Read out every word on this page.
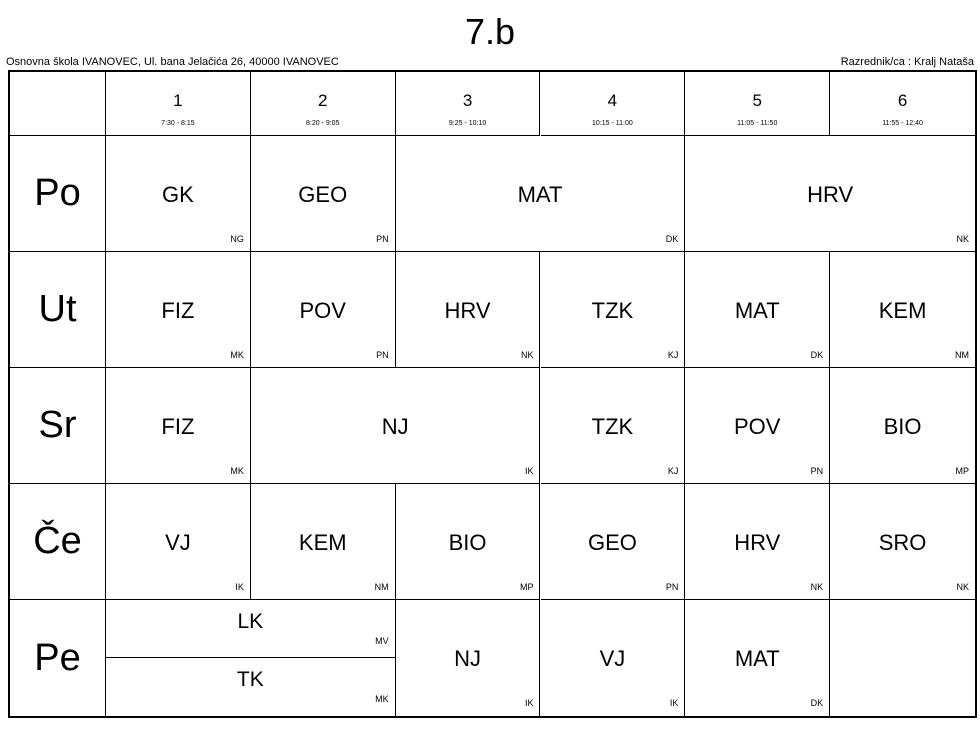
7.b
Osnovna škola IVANOVEC, Ul. bana Jelačića 26, 40000 IVANOVEC	Razrednik/ca : Kralj Nataša
1
7:30 - 8:15
2
8:20 - 9:05
3
9:25 - 10:10
4
10:15 - 11:00
5
11:05 - 11:50
6
11:55 - 12:40
Po
Ut
Sr
Če
Pe
GK
NG
GEO
PN
MAT
DK
HRV
NK
FIZ
MK
POV
PN
HRV
NK
TZK
KJ
MAT
DK
KEM
NM
FIZ
MK
NJ
IK
TZK
KJ
POV
PN
BIO
MP
VJ
IK
KEM
NM
BIO
MP
GEO
PN
HRV
NK
SRO
NK
LK
MV
TK
MK
NJ
IK
VJ
IK
MAT
DK
